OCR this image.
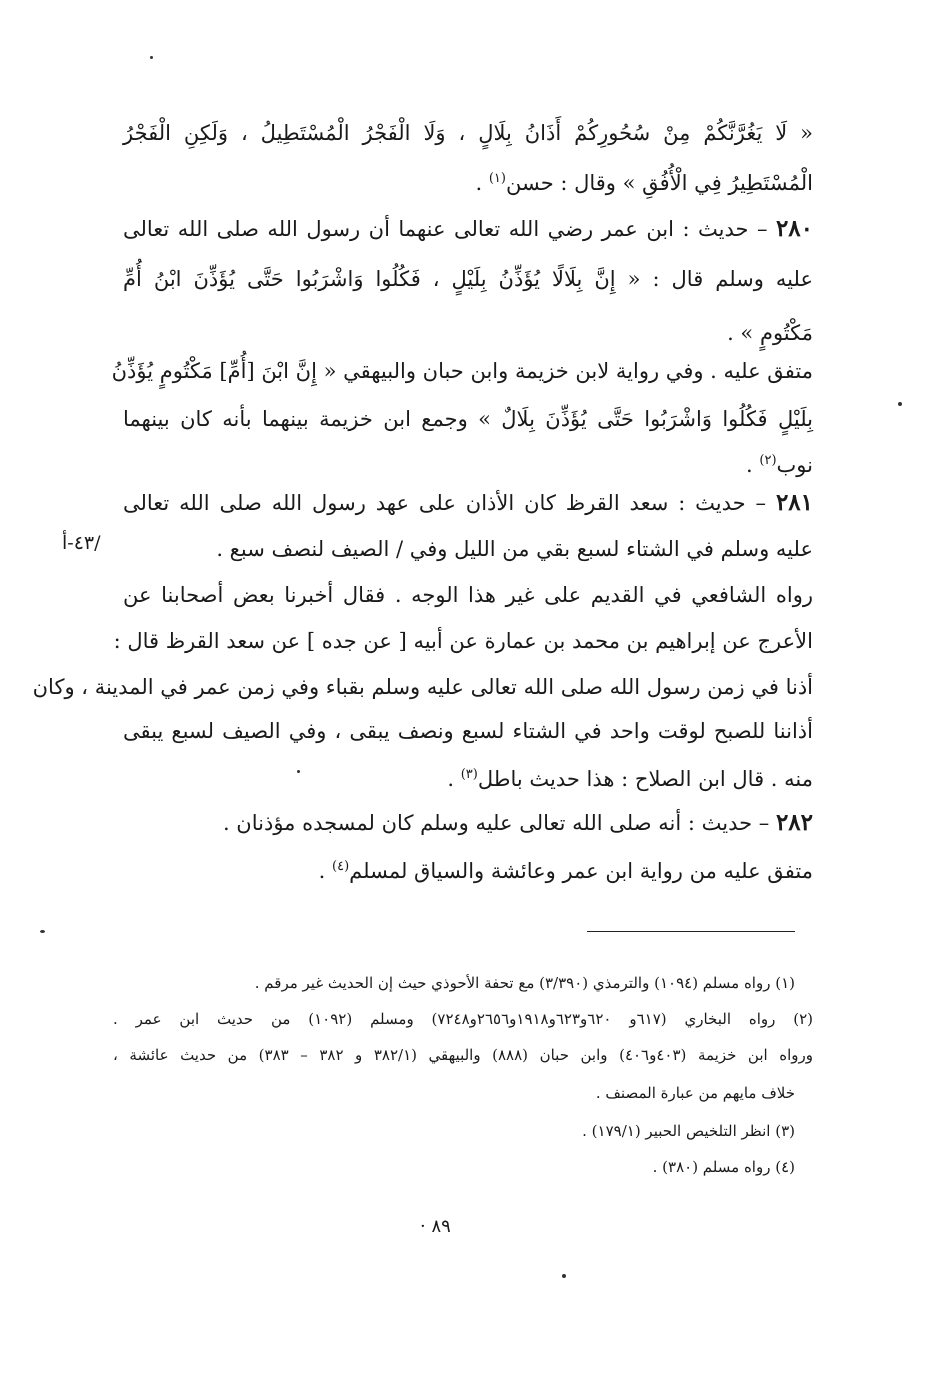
« لَا يَغُرَّنَّكُمْ مِنْ سُحُورِكُمْ أَذَانُ بِلَالٍ ، وَلَا الْفَجْرُ الْمُسْتَطِيلُ ، وَلَكِنِ الْفَجْرُ
الْمُسْتَطِيرُ فِي الْأُفُقِ » وقال : حسن$^{(١)}$ .
٢٨٠ – حديث : ابن عمر رضي الله تعالى عنهما أن رسول الله صلى الله تعالى
عليه وسلم قال : « إِنَّ بِلَالًا يُؤَذِّنُ بِلَيْلٍ ، فَكُلُوا وَاشْرَبُوا حَتَّى يُؤَذِّنَ ابْنُ أُمِّ
مَكْتُومٍ » .
متفق عليه . وفي رواية لابن خزيمة وابن حبان والبيهقي « إِنَّ ابْنَ [أُمِّ] مَكْتُومٍ يُؤَذِّنُ
بِلَيْلٍ فَكُلُوا وَاشْرَبُوا حَتَّى يُؤَذِّنَ بِلَالٌ » وجمع ابن خزيمة بينهما بأنه كان بينهما
نوب$^{(٢)}$ .
٢٨١ – حديث : سعد القرظ كان الأذان على عهد رسول الله صلى الله تعالى
عليه وسلم في الشتاء لسبع بقي من الليل وفي / الصيف لنصف سبع .
/٤٣-أ
رواه الشافعي في القديم على غير هذا الوجه . فقال أخبرنا بعض أصحابنا عن
الأعرج عن إبراهيم بن محمد بن عمارة عن أبيه [ عن جده ] عن سعد القرظ قال :
أذنا في زمن رسول الله صلى الله تعالى عليه وسلم بقباء وفي زمن عمر في المدينة ، وكان
أذاننا للصبح لوقت واحد في الشتاء لسبع ونصف يبقى ، وفي الصيف لسبع يبقى
منه . قال ابن الصلاح : هذا حديث باطل$^{(٣)}$ .
٢٨٢ – حديث : أنه صلى الله تعالى عليه وسلم كان لمسجده مؤذنان .
متفق عليه من رواية ابن عمر وعائشة والسياق لمسلم$^{(٤)}$ .
(١) رواه مسلم (١٠٩٤) والترمذي (٣/٣٩٠) مع تحفة الأحوذي حيث إن الحديث غير مرقم .
(٢) رواه البخاري (٦١٧و ٦٢٠و٦٢٣و١٩١٨و٢٦٥٦و٧٢٤٨) ومسلم (١٠٩٢) من حديث ابن عمر .
ورواه ابن خزيمة (٤٠٣و٤٠٦) وابن حبان (٨٨٨) والبيهقي (٣٨٢/١ و ٣٨٢ – ٣٨٣) من حديث عائشة ،
خلاف مايهم من عبارة المصنف .
(٣) انظر التلخيص الحبير (١٧٩/١) .
(٤) رواه مسلم (٣٨٠) .
٨٩ ·
